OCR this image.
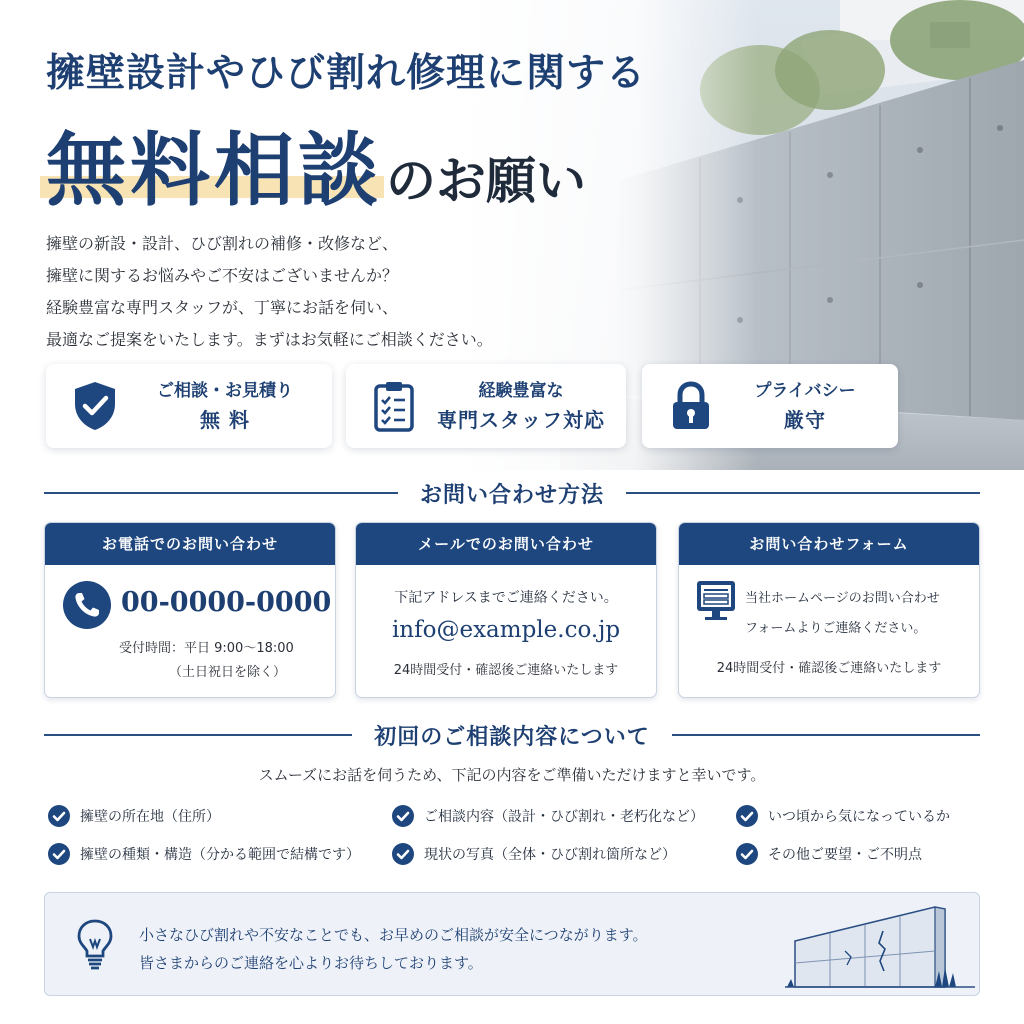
擁壁設計やひび割れ修理に関する
無料相談のお願い
擁壁の新設・設計、ひび割れの補修・改修など、
擁壁に関するお悩みやご不安はございませんか？
経験豊富な専門スタッフが、丁寧にお話を伺い、
最適なご提案をいたします。まずはお気軽にご相談ください。
ご相談・お見積り
無 料
経験豊富な
専門スタッフ対応
プライバシー
厳守
お問い合わせ方法
お電話でのお問い合わせ
00-0000-0000
受付時間：平日 9:00〜18:00
（土日祝日を除く）
メールでのお問い合わせ
下記アドレスまでご連絡ください。
info@example.co.jp
24時間受付・確認後ご連絡いたします
お問い合わせフォーム
当社ホームページのお問い合わせ
フォームよりご連絡ください。
24時間受付・確認後ご連絡いたします
初回のご相談内容について
スムーズにお話を伺うため、下記の内容をご準備いただけますと幸いです。
擁壁の所在地（住所）	ご相談内容（設計・ひび割れ・老朽化など）	いつ頃から気になっているか
擁壁の種類・構造（分かる範囲で結構です）	現状の写真（全体・ひび割れ箇所など）	その他ご要望・ご不明点
小さなひび割れや不安なことでも、お早めのご相談が安全につながります。
皆さまからのご連絡を心よりお待ちしております。
